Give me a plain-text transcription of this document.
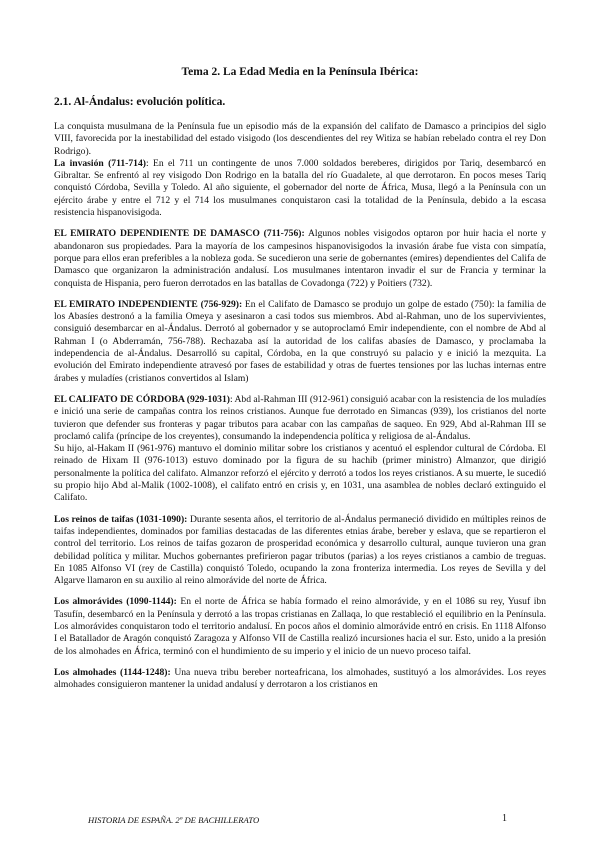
Tema 2. La Edad Media en la Península Ibérica:
2.1. Al-Ándalus: evolución política.

La conquista musulmana de la Península fue un episodio más de la expansión del califato de Damasco a principios del siglo VIII, favorecida por la inestabilidad del estado visigodo (los descendientes del rey Witiza se habían rebelado contra el rey Don Rodrigo).

La invasión (711-714): En el 711 un contingente de unos 7.000 soldados bereberes, dirigidos por Tariq, desembarcó en Gibraltar. Se enfrentó al rey visigodo Don Rodrigo en la batalla del río Guadalete, al que derrotaron. En pocos meses Tariq conquistó Córdoba, Sevilla y Toledo. Al año siguiente, el gobernador del norte de África, Musa, llegó a la Península con un ejército árabe y entre el 712 y el 714 los musulmanes conquistaron casi la totalidad de la Península, debido a la escasa resistencia hispanovisigoda.

EL EMIRATO DEPENDIENTE DE DAMASCO (711-756): Algunos nobles visigodos optaron por huir hacia el norte y abandonaron sus propiedades. Para la mayoría de los campesinos hispanovisigodos la invasión árabe fue vista con simpatía, porque para ellos eran preferibles a la nobleza goda. Se sucedieron una serie de gobernantes (emires) dependientes del Califa de Damasco que organizaron la administración andalusí. Los musulmanes intentaron invadir el sur de Francia y terminar la conquista de Hispania, pero fueron derrotados en las batallas de Covadonga (722) y Poitiers (732).

EL EMIRATO INDEPENDIENTE (756-929): En el Califato de Damasco se produjo un golpe de estado (750): la familia de los Abasíes destronó a la familia Omeya y asesinaron a casi todos sus miembros. Abd al-Rahman, uno de los supervivientes, consiguió desembarcar en al-Ándalus. Derrotó al gobernador y se autoproclamó Emir independiente, con el nombre de Abd al Rahman I (o Abderramán, 756-788). Rechazaba así la autoridad de los califas abasíes de Damasco, y proclamaba la independencia de al-Ándalus. Desarrolló su capital, Córdoba, en la que construyó su palacio y e inició la mezquita. La evolución del Emirato independiente atravesó por fases de estabilidad y otras de fuertes tensiones por las luchas internas entre árabes y muladíes (cristianos convertidos al Islam)

EL CALIFATO DE CÓRDOBA (929-1031): Abd al-Rahman III (912-961) consiguió acabar con la resistencia de los muladíes e inició una serie de campañas contra los reinos cristianos. Aunque fue derrotado en Simancas (939), los cristianos del norte tuvieron que defender sus fronteras y pagar tributos para acabar con las campañas de saqueo. En 929, Abd al-Rahman III se proclamó califa (príncipe de los creyentes), consumando la independencia política y religiosa de al-Ándalus.

Su hijo, al-Hakam II (961-976) mantuvo el dominio militar sobre los cristianos y acentuó el esplendor cultural de Córdoba. El reinado de Hixam II (976-1013) estuvo dominado por la figura de su hachib (primer ministro) Almanzor, que dirigió personalmente la política del califato. Almanzor reforzó el ejército y derrotó a todos los reyes cristianos. A su muerte, le sucedió su propio hijo Abd al-Malik (1002-1008), el califato entró en crisis y, en 1031, una asamblea de nobles declaró extinguido el Califato.

Los reinos de taifas (1031-1090): Durante sesenta años, el territorio de al-Ándalus permaneció dividido en múltiples reinos de taifas independientes, dominados por familias destacadas de las diferentes etnias árabe, bereber y eslava, que se repartieron el control del territorio. Los reinos de taifas gozaron de prosperidad económica y desarrollo cultural, aunque tuvieron una gran debilidad política y militar. Muchos gobernantes prefirieron pagar tributos (parias) a los reyes cristianos a cambio de treguas. En 1085 Alfonso VI (rey de Castilla) conquistó Toledo, ocupando la zona fronteriza intermedia. Los reyes de Sevilla y del Algarve llamaron en su auxilio al reino almorávide del norte de África.

Los almorávides (1090-1144): En el norte de África se había formado el reino almorávide, y en el 1086 su rey, Yusuf ibn Tasufín, desembarcó en la Península y derrotó a las tropas cristianas en Zallaqa, lo que restableció el equilibrio en la Península. Los almorávides conquistaron todo el territorio andalusí. En pocos años el dominio almorávide entró en crisis. En 1118 Alfonso I el Batallador de Aragón conquistó Zaragoza y Alfonso VII de Castilla realizó incursiones hacia el sur. Esto, unido a la presión de los almohades en África, terminó con el hundimiento de su imperio y el inicio de un nuevo proceso taifal.

Los almohades (1144-1248): Una nueva tribu bereber norteafricana, los almohades, sustituyó a los almorávides. Los reyes almohades consiguieron mantener la unidad andalusí y derrotaron a los cristianos en

HISTORIA DE ESPAÑA. 2º DE BACHILLERATO	1
